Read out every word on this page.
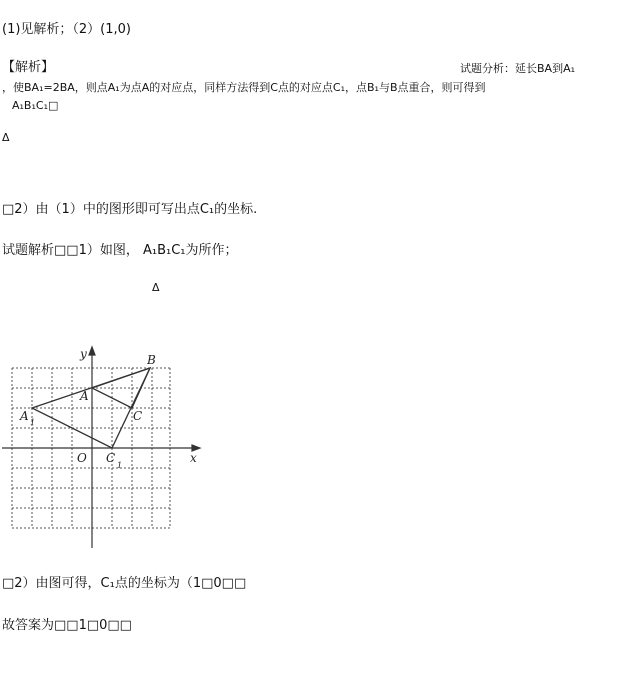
(1)见解析；（2）(1,0)
【解析】	试题分析：延长BA到A₁
，使BA₁=2BA，则点A₁为点A的对应点，同样方法得到C点的对应点C₁，点B₁与B点重合，则可得到
A₁B₁C₁□
Δ
□2）由（1）中的图形即可写出点C₁的坐标.
试题解析□□1）如图， A₁B₁C₁为所作；
Δ
y
x
O
A
B
C
A 1
C
1
□2）由图可得，C₁点的坐标为（1□0□□
故答案为□□1□0□□
